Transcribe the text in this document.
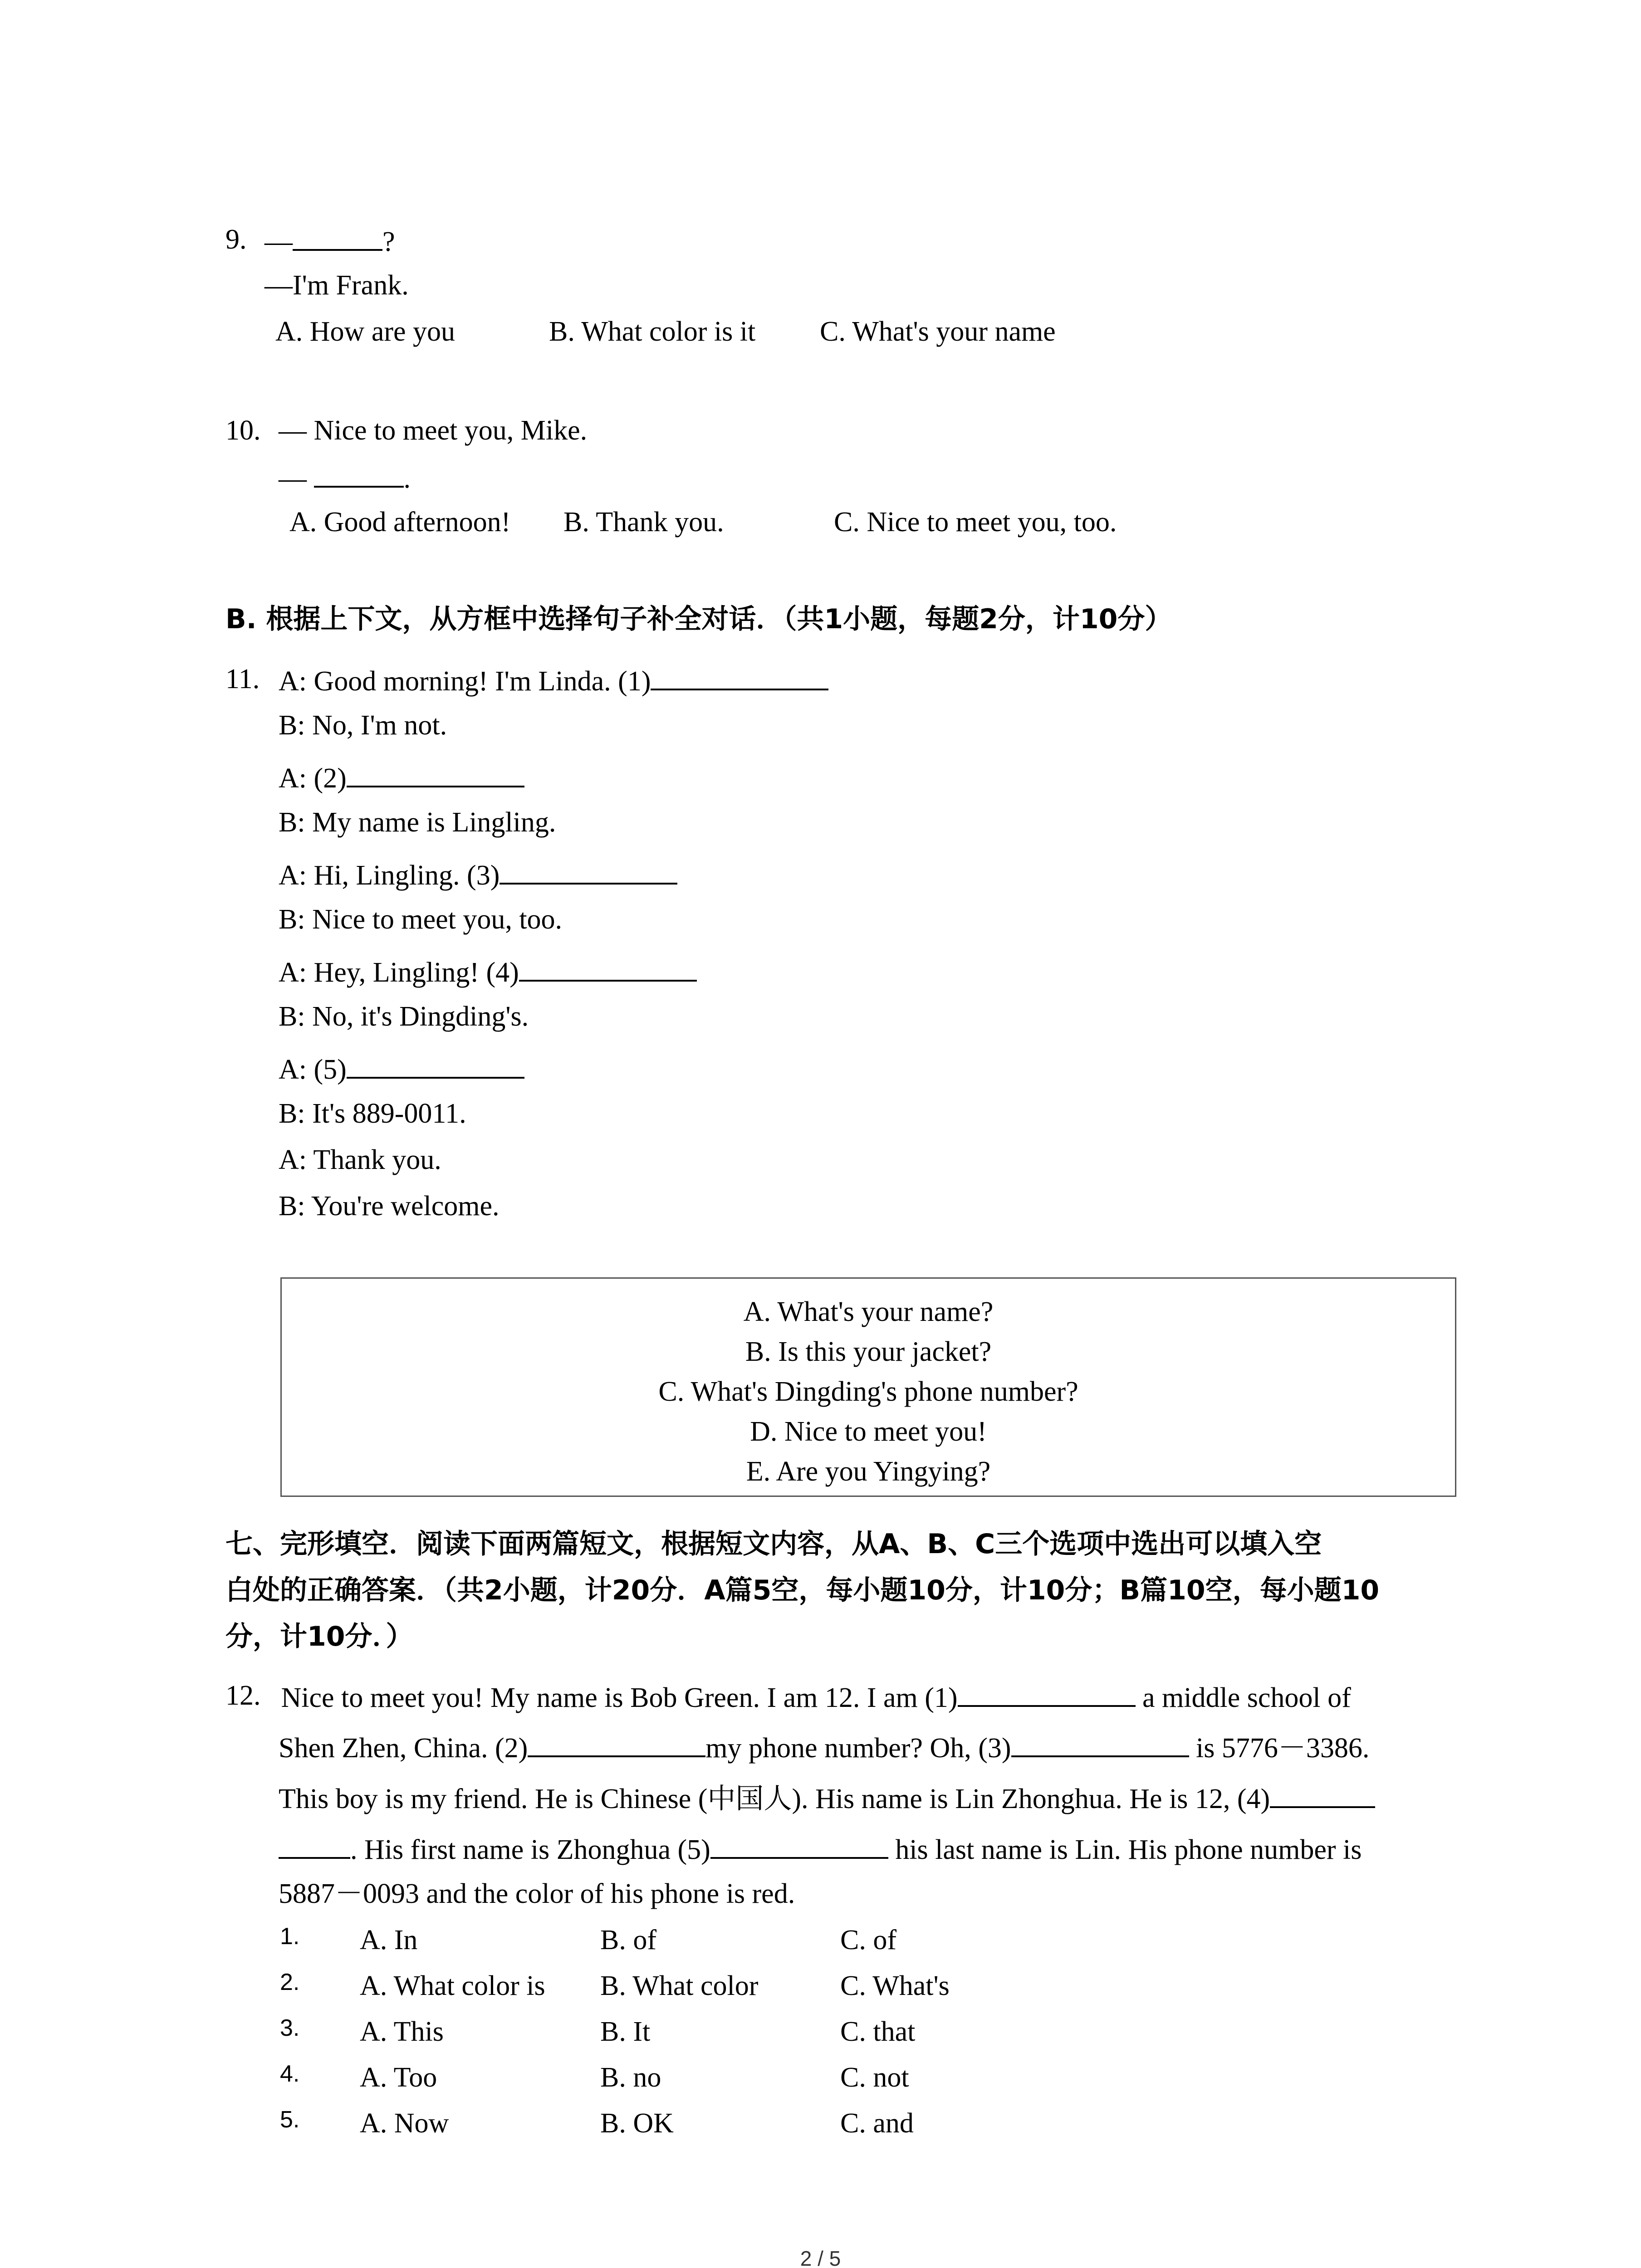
9. —	?
—I'm Frank.
A. How are you	B. What color is it C. What's your name
10. — Nice to meet you, Mike.
—	.
A. Good afternoon! B. Thank you.	C. Nice to meet you, too.
B. 根据上下文，从方框中选择句子补全对话．（共1小题，每题2分，计10分）
11. A: Good morning! I'm Linda. (1)
B: No, I'm not.
A: (2)
B: My name is Lingling.
A: Hi, Lingling. (3)
B: Nice to meet you, too.
A: Hey, Lingling! (4)
B: No, it's Dingding's.
A: (5)
B: It's 889-0011.
A: Thank you.
B: You're welcome.
A. What's your name?
B. Is this your jacket?
C. What's Dingding's phone number?
D. Nice to meet you!
E. Are you Yingying?
七、完形填空．阅读下面两篇短文，根据短文内容，从A、B、C三个选项中选出可以填入空
白处的正确答案．（共2小题，计20分．A篇5空，每小题10分，计10分；B篇10空，每小题10
分，计10分．）
12. Nice to meet you! My name is Bob Green. I am 12. I am (1)	a middle school of
Shen Zhen, China. (2)	my phone number? Oh, (3)	is 5776－3386.
This boy is my friend. He is Chinese (中国人). His name is Lin Zhonghua. He is 12, (4)
. His first name is Zhonghua (5)	his last name is Lin. His phone number is
5887－0093 and the color of his phone is red.
1. A. In	B. of	C. of
2. A. What color is B. What color	C. What's
3. A. This	B. It	C. that
4. A. Too	B. no	C. not
5. A. Now	B. OK	C. and
2 / 5
